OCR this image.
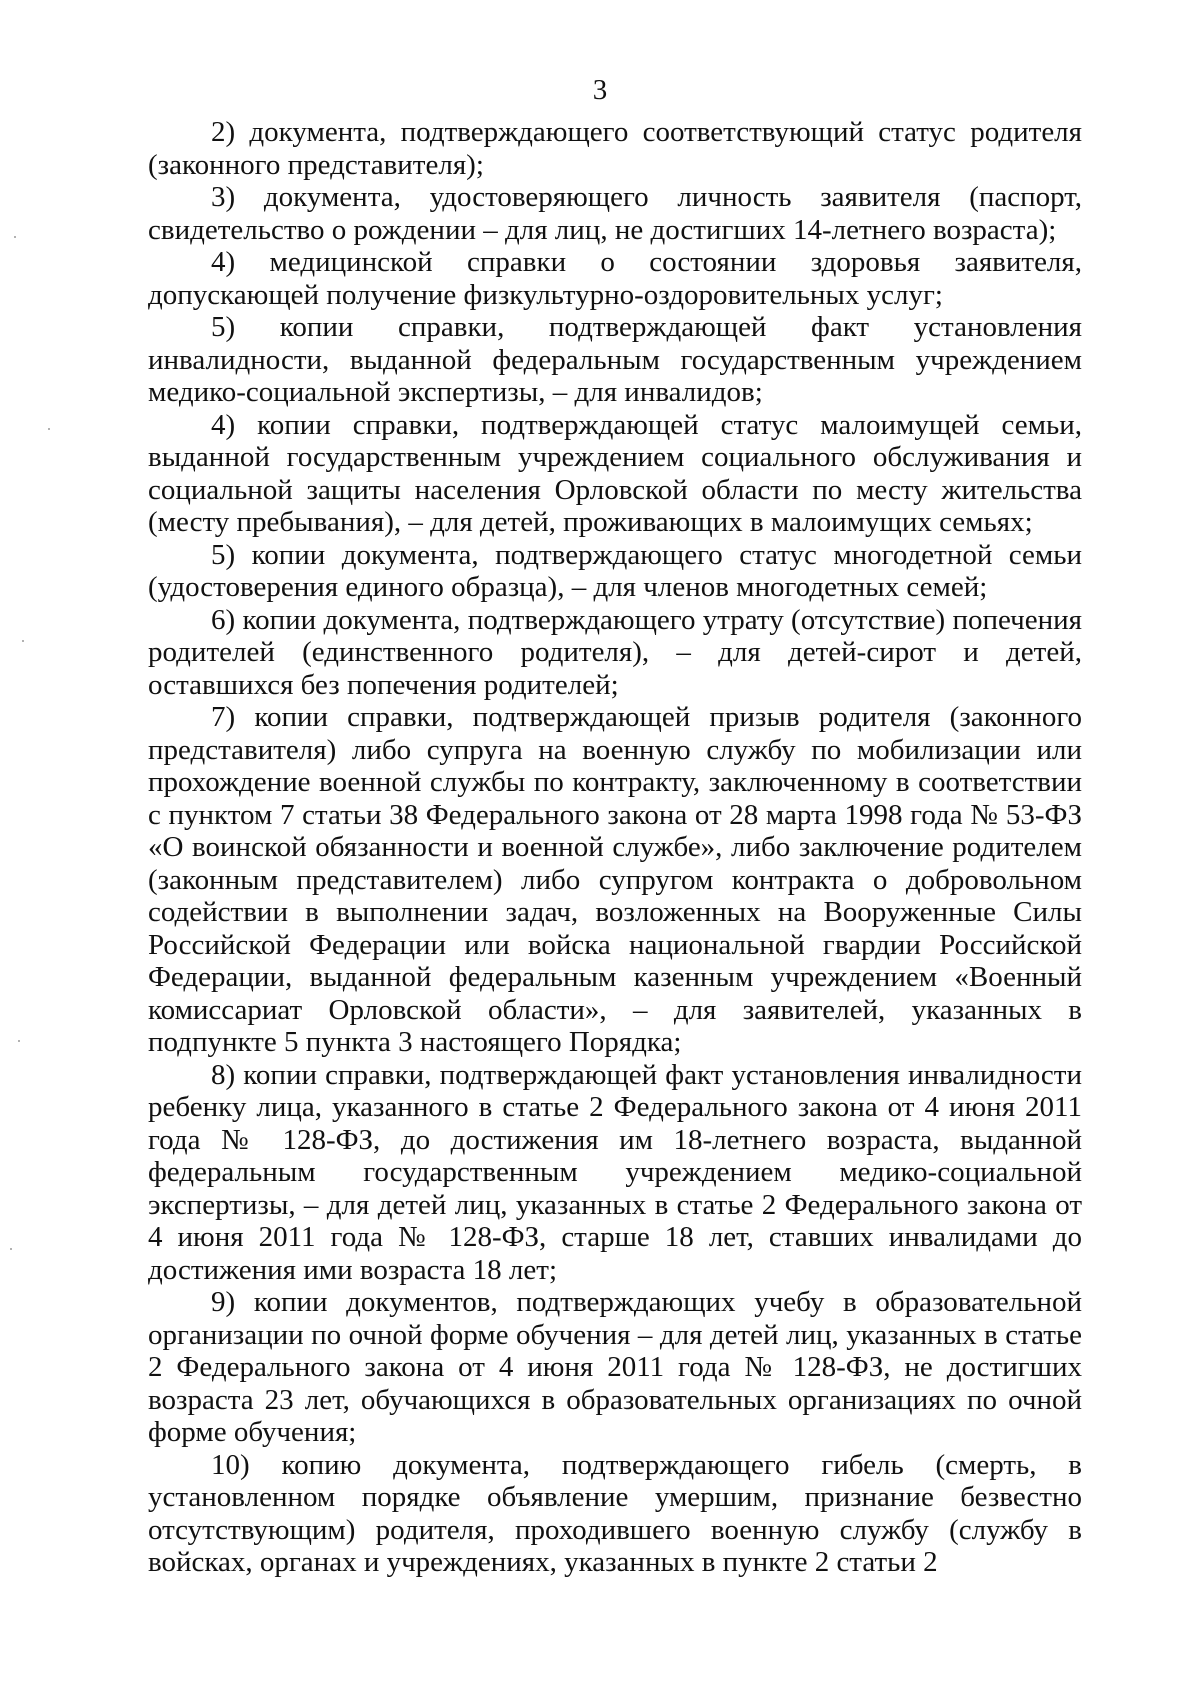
3

2) документа, подтверждающего соответствующий статус родителя (законного представителя);

3) документа, удостоверяющего личность заявителя (паспорт, свидетельство о рождении – для лиц, не достигших 14-летнего возраста);

4) медицинской справки о состоянии здоровья заявителя, допускающей получение физкультурно-оздоровительных услуг;

5) копии справки, подтверждающей факт установления инвалидности, выданной федеральным государственным учреждением медико-социальной экспертизы, – для инвалидов;

4) копии справки, подтверждающей статус малоимущей семьи, выданной государственным учреждением социального обслуживания и социальной защиты населения Орловской области по месту жительства (месту пребывания), – для детей, проживающих в малоимущих семьях;

5) копии документа, подтверждающего статус многодетной семьи (удостоверения единого образца), – для членов многодетных семей;

6) копии документа, подтверждающего утрату (отсутствие) попечения родителей (единственного родителя), – для детей-сирот и детей, оставшихся без попечения родителей;

7) копии справки, подтверждающей призыв родителя (законного представителя) либо супруга на военную службу по мобилизации или прохождение военной службы по контракту, заключенному в соответствии с пунктом 7 статьи 38 Федерального закона от 28 марта 1998 года № 53-ФЗ «О воинской обязанности и военной службе», либо заключение родителем (законным представителем) либо супругом контракта о добровольном содействии в выполнении задач, возложенных на Вооруженные Силы Российской Федерации или войска национальной гвардии Российской Федерации, выданной федеральным казенным учреждением «Военный комиссариат Орловской области», – для заявителей, указанных в подпункте 5 пункта 3 настоящего Порядка;

8) копии справки, подтверждающей факт установления инвалидности ребенку лица, указанного в статье 2 Федерального закона от 4 июня 2011 года № 128-ФЗ, до достижения им 18-летнего возраста, выданной федеральным государственным учреждением медико-социальной экспертизы, – для детей лиц, указанных в статье 2 Федерального закона от 4 июня 2011 года № 128-ФЗ, старше 18 лет, ставших инвалидами до достижения ими возраста 18 лет;

9) копии документов, подтверждающих учебу в образовательной организации по очной форме обучения – для детей лиц, указанных в статье 2 Федерального закона от 4 июня 2011 года № 128-ФЗ, не достигших возраста 23 лет, обучающихся в образовательных организациях по очной форме обучения;

10) копию документа, подтверждающего гибель (смерть, в установленном порядке объявление умершим, признание безвестно отсутствующим) родителя, проходившего военную службу (службу в войсках, органах и учреждениях, указанных в пункте 2 статьи 2
